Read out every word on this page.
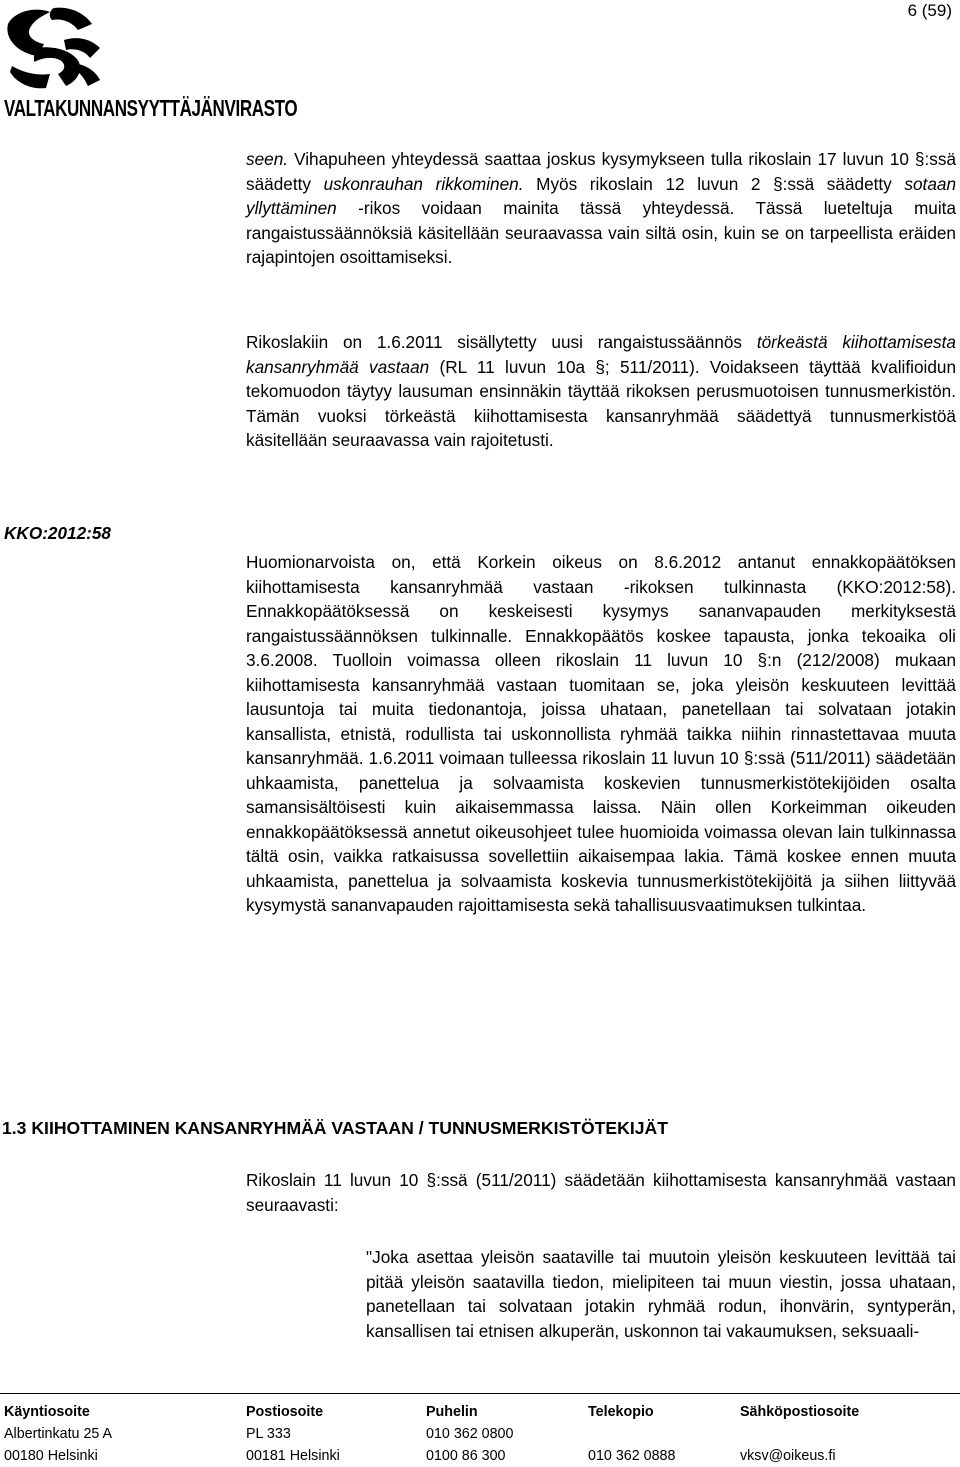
6 (59)
VALTAKUNNANSYYTTÄJÄNVIRASTO

seen. Vihapuheen yhteydessä saattaa joskus kysymykseen tulla rikoslain 17 luvun 10 §:ssä säädetty uskonrauhan rikkominen. Myös rikoslain 12 luvun 2 §:ssä säädetty sotaan yllyttäminen -rikos voidaan mainita tässä yhteydessä. Tässä lueteltuja muita rangaistussäännöksiä käsitellään seuraavassa vain siltä osin, kuin se on tarpeellista eräiden rajapintojen osoittamiseksi.

Rikoslakiin on 1.6.2011 sisällytetty uusi rangaistussäännös törkeästä kiihottamisesta kansanryhmää vastaan (RL 11 luvun 10a §; 511/2011). Voidakseen täyttää kvalifioidun tekomuodon täytyy lausuman ensinnäkin täyttää rikoksen perusmuotoisen tunnusmerkistön. Tämän vuoksi törkeästä kiihottamisesta kansanryhmää säädettyä tunnusmerkistöä käsitellään seuraavassa vain rajoitetusti.

KKO:2012:58

Huomionarvoista on, että Korkein oikeus on 8.6.2012 antanut ennakkopäätöksen kiihottamisesta kansanryhmää vastaan -rikoksen tulkinnasta (KKO:2012:58). Ennakkopäätöksessä on keskeisesti kysymys sananvapauden merkityksestä rangaistussäännöksen tulkinnalle. Ennakkopäätös koskee tapausta, jonka tekoaika oli 3.6.2008. Tuolloin voimassa olleen rikoslain 11 luvun 10 §:n (212/2008) mukaan kiihottamisesta kansanryhmää vastaan tuomitaan se, joka yleisön keskuuteen levittää lausuntoja tai muita tiedonantoja, joissa uhataan, panetellaan tai solvataan jotakin kansallista, etnistä, rodullista tai uskonnollista ryhmää taikka niihin rinnastettavaa muuta kansanryhmää. 1.6.2011 voimaan tulleessa rikoslain 11 luvun 10 §:ssä (511/2011) säädetään uhkaamista, panettelua ja solvaamista koskevien tunnusmerkistötekijöiden osalta samansisältöisesti kuin aikaisemmassa laissa. Näin ollen Korkeimman oikeuden ennakkopäätöksessä annetut oikeusohjeet tulee huomioida voimassa olevan lain tulkinnassa tältä osin, vaikka ratkaisussa sovellettiin aikaisempaa lakia. Tämä koskee ennen muuta uhkaamista, panettelua ja solvaamista koskevia tunnusmerkistötekijöitä ja siihen liittyvää kysymystä sananvapauden rajoittamisesta sekä tahallisuusvaatimuksen tulkintaa.

1.3 KIIHOTTAMINEN KANSANRYHMÄÄ VASTAAN / TUNNUSMERKISTÖTEKIJÄT

Rikoslain 11 luvun 10 §:ssä (511/2011) säädetään kiihottamisesta kansanryhmää vastaan seuraavasti:

"Joka asettaa yleisön saataville tai muutoin yleisön keskuuteen levittää tai pitää yleisön saatavilla tiedon, mielipiteen tai muun viestin, jossa uhataan, panetellaan tai solvataan jotakin ryhmää rodun, ihonvärin, syntyperän, kansallisen tai etnisen alkuperän, uskonnon tai vakaumuksen, seksuaali-

Käyntiosoite
Albertinkatu 25 A
00180 Helsinki
Postiosoite
PL 333
00181 Helsinki
Puhelin
010 362 0800
0100 86 300
Telekopio
010 362 0888
Sähköpostiosoite
vksv@oikeus.fi
